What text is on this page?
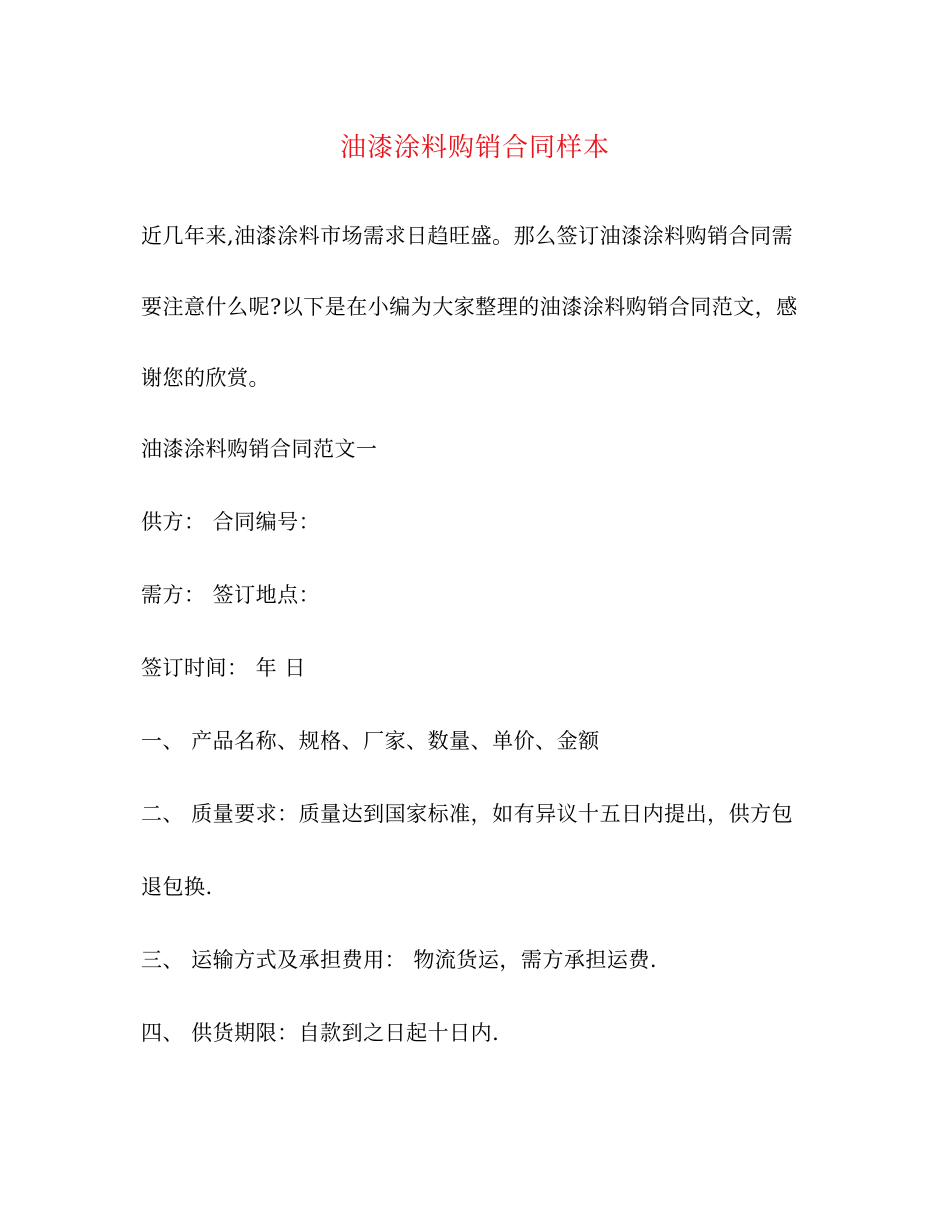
油漆涂料购销合同样本
近几年来,油漆涂料市场需求日趋旺盛。那么签订油漆涂料购销合同需
要注意什么呢?以下是在小编为大家整理的油漆涂料购销合同范文，感
谢您的欣赏。
油漆涂料购销合同范文一
供方： 合同编号：
需方： 签订地点：
签订时间： 年 日
一、 产品名称、规格、厂家、数量、单价、金额
二、 质量要求：质量达到国家标准，如有异议十五日内提出，供方包
退包换.
三、 运输方式及承担费用： 物流货运，需方承担运费.
四、 供货期限：自款到之日起十日内.
